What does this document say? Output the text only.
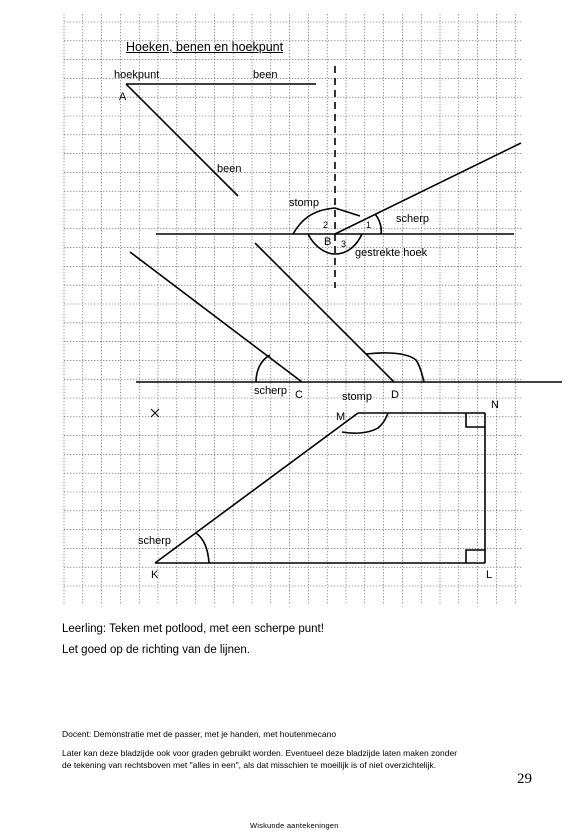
Hoeken, benen en hoekpunt
hoekpunt	been
A
been
stomp
2	1 scherp
B 3
gestrekte hoek
scherp C	stomp D
N
M
scherp
K	L
Leerling: Teken met potlood, met een scherpe punt!
Let goed op de richting van de lijnen.
Docent: Demonstratie met de passer, met je handen, met houtenmecano
Later kan deze bladzijde ook voor graden gebruikt worden. Eventueel deze bladzijde laten maken zonder
de tekening van rechtsboven met "alles in een", als dat misschien te moeilijk is of niet overzichtelijk.
29
Wiskunde aantekeningen
